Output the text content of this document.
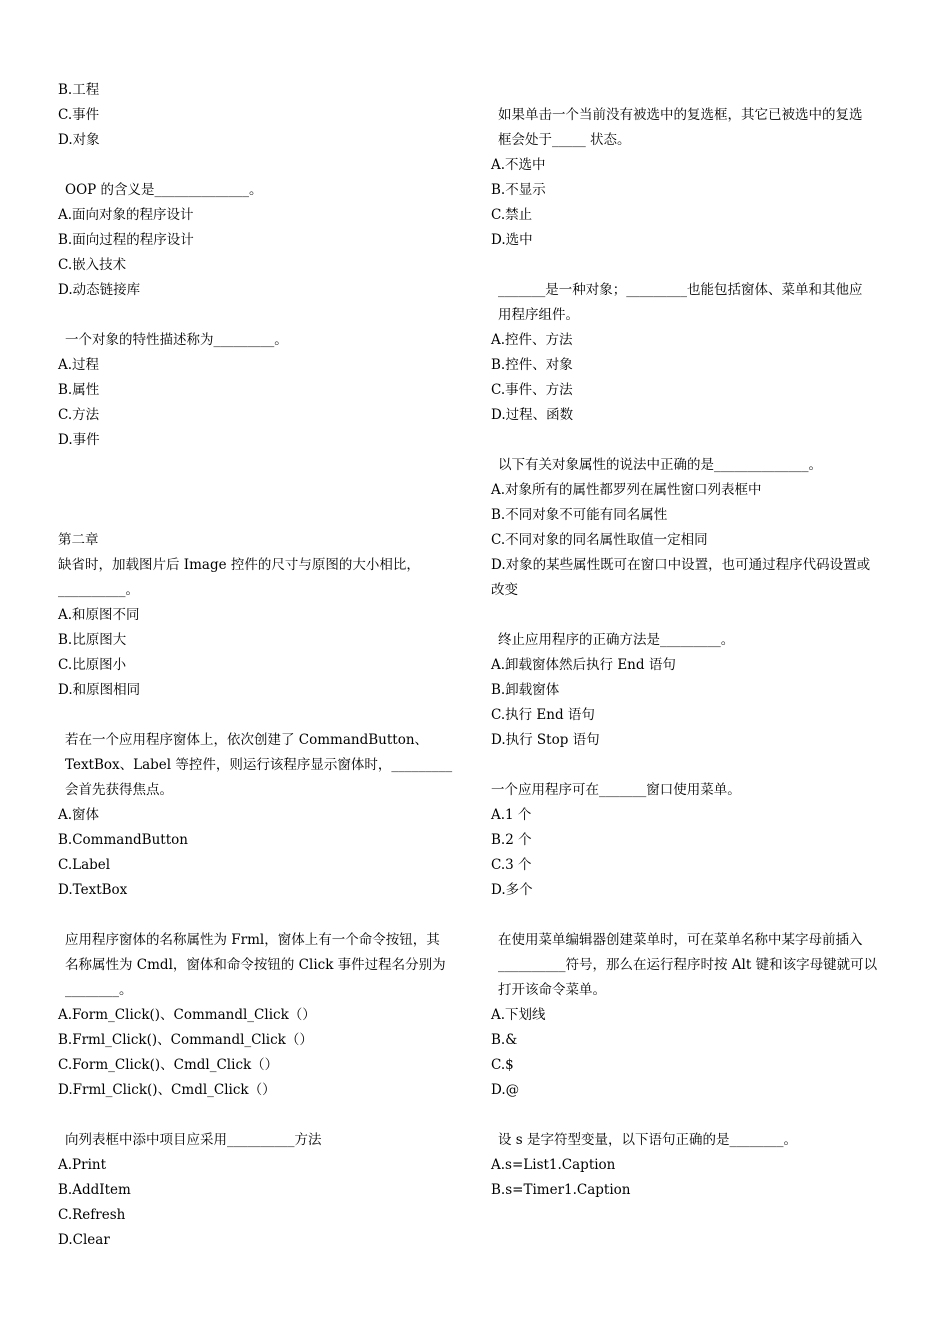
B.工程
C.事件
D.对象
OOP 的含义是______________。
A.面向对象的程序设计
B.面向过程的程序设计
C.嵌入技术
D.动态链接库
一个对象的特性描述称为_________。
A.过程
B.属性
C.方法
D.事件
第二章
缺省时，加载图片后 Image 控件的尺寸与原图的大小相比，
__________。
A.和原图不同
B.比原图大
C.比原图小
D.和原图相同
若在一个应用程序窗体上，依次创建了 CommandButton、
TextBox、Label 等控件，则运行该程序显示窗体时，_________
会首先获得焦点。
A.窗体
B.CommandButton
C.Label
D.TextBox
应用程序窗体的名称属性为 Frml，窗体上有一个命令按钮，其
名称属性为 Cmdl，窗体和命令按钮的 Click 事件过程名分别为
________。
A.Form_Click()、Commandl_Click（）
B.Frml_Click()、Commandl_Click（）
C.Form_Click()、Cmdl_Click（）
D.Frml_Click()、Cmdl_Click（）
向列表框中添中项目应采用__________方法
A.Print
B.AddItem
C.Refresh
D.Clear
如果单击一个当前没有被选中的复选框，其它已被选中的复选
框会处于_____ 状态。
A.不选中
B.不显示
C.禁止
D.选中
_______是一种对象；_________也能包括窗体、菜单和其他应
用程序组件。
A.控件、方法
B.控件、对象
C.事件、方法
D.过程、函数
以下有关对象属性的说法中正确的是______________。
A.对象所有的属性都罗列在属性窗口列表框中
B.不同对象不可能有同名属性
C.不同对象的同名属性取值一定相同
D.对象的某些属性既可在窗口中设置，也可通过程序代码设置或
改变
终止应用程序的正确方法是_________。
A.卸载窗体然后执行 End 语句
B.卸载窗体
C.执行 End 语句
D.执行 Stop 语句
一个应用程序可在_______窗口使用菜单。
A.1 个
B.2 个
C.3 个
D.多个
在使用菜单编辑器创建菜单时，可在菜单名称中某字母前插入
__________符号，那么在运行程序时按 Alt 键和该字母键就可以
打开该命令菜单。
A.下划线
B.&
C.$
D.@
设 s 是字符型变量，以下语句正确的是________。
A.s=List1.Caption
B.s=Timer1.Caption
